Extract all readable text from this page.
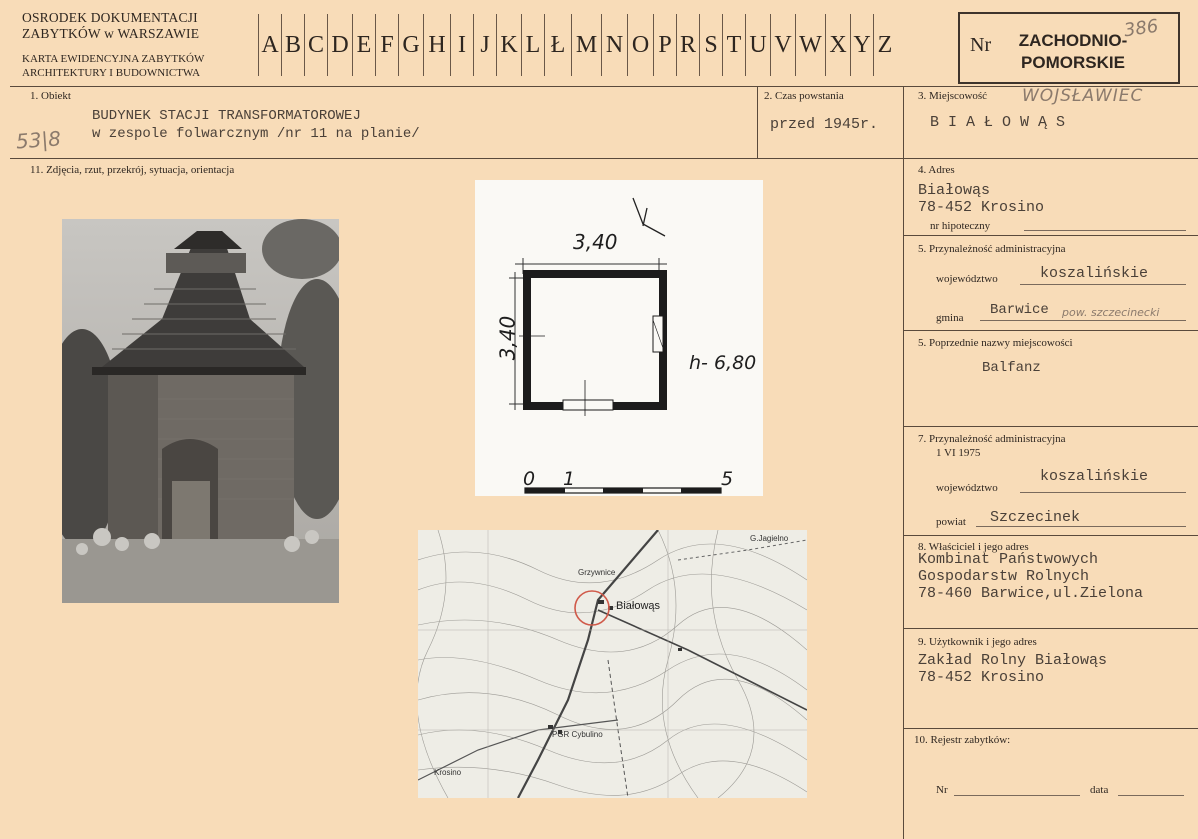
OSRODEK DOKUMENTACJI
ZABYTKÓW w WARSZAWIE
KARTA EWIDENCYJNA ZABYTKÓW
ARCHITEKTURY I BUDOWNICTWA
A B C D E F G H I J K L Ł M N O P R S T U V W X Y Z	Nr	ZACHODNIO-
POMORSKIE
386
1. Obiekt
BUDYNEK STACJI TRANSFORMATOROWEJ
w zespole folwarcznym /nr 11 na planie/
53|8
2. Czas powstania
przed 1945r.
3. Miejscowość WOJSŁAWIEC
B I A Ł O W Ą S
11. Zdjęcia, rzut, przekrój, sytuacja, orientacja
3,40
3,40
h- 6,80
0 1	5
Białowąs
PGR Cybulino
Krosino
G.Jagielno
Grzywnice
4. Adres
Białowąs
78-452 Krosino
nr hipoteczny
5. Przynależność administracyjna
województwo	koszalińskie
gmina Barwice pow. szczecinecki
5. Poprzednie nazwy miejscowości
Balfanz
7. Przynależność administracyjna
1 VI 1975
województwo
koszalińskie
powiat Szczecinek
8. Właściciel i jego adres
Kombinat Państwowych
Gospodarstw Rolnych
78-460 Barwice,ul.Zielona
9. Użytkownik i jego adres
Zakład Rolny Białowąs
78-452 Krosino
10. Rejestr zabytków:
Nr	data
